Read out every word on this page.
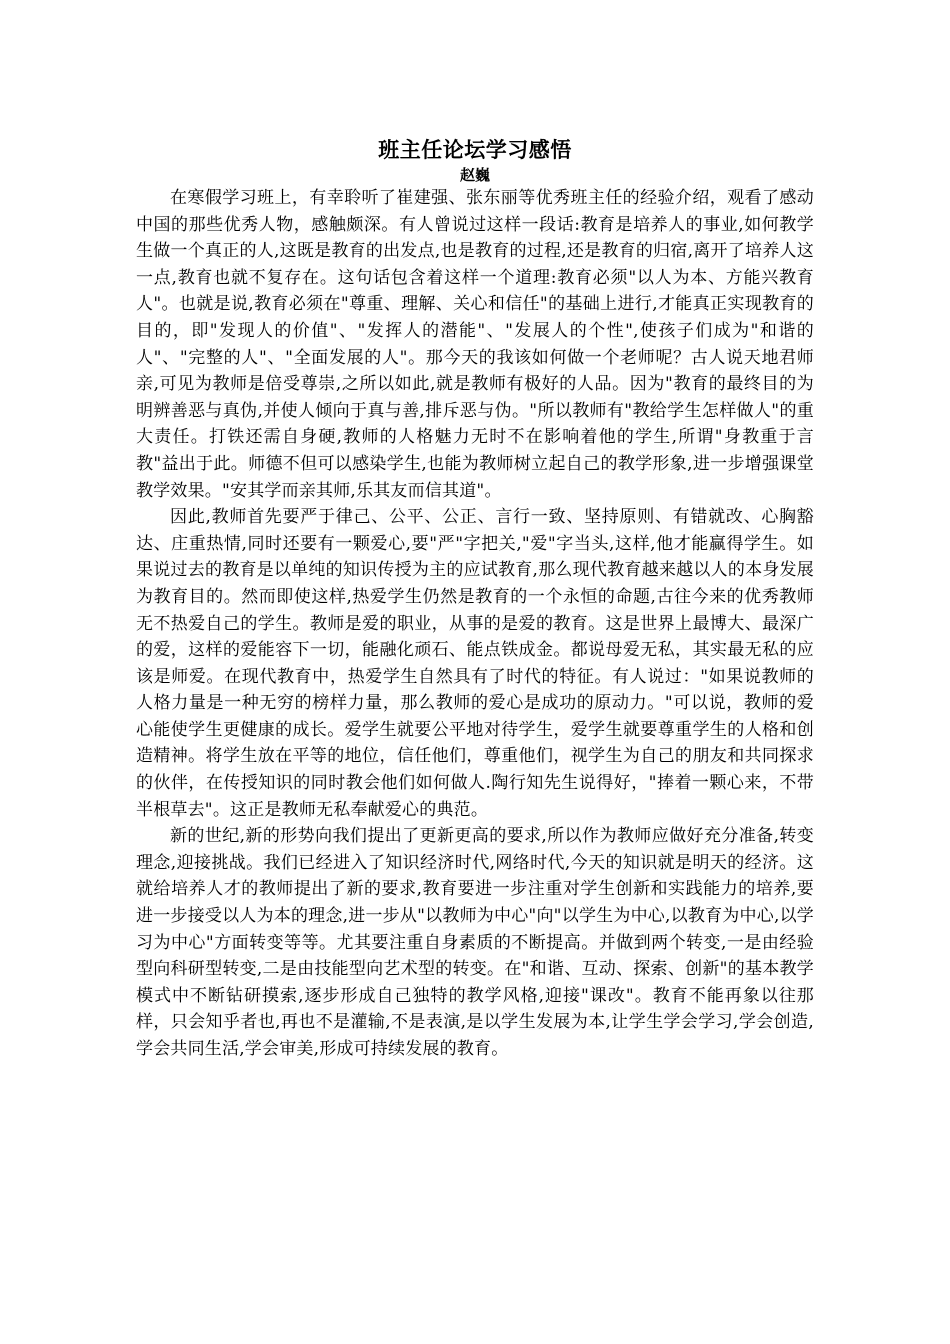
班主任论坛学习感悟
赵巍

在寒假学习班上，有幸聆听了崔建强、张东丽等优秀班主任的经验介绍，观看了感动中国的那些优秀人物，感触颇深。有人曾说过这样一段话:教育是培养人的事业,如何教学生做一个真正的人,这既是教育的出发点,也是教育的过程,还是教育的归宿,离开了培养人这一点,教育也就不复存在。这句话包含着这样一个道理:教育必须"以人为本、方能兴教育人"。也就是说,教育必须在"尊重、理解、关心和信任"的基础上进行,才能真正实现教育的目的，即"发现人的价值"、"发挥人的潜能"、"发展人的个性",使孩子们成为"和谐的人"、"完整的人"、"全面发展的人"。那今天的我该如何做一个老师呢？古人说天地君师亲,可见为教师是倍受尊崇,之所以如此,就是教师有极好的人品。因为"教育的最终目的为明辨善恶与真伪,并使人倾向于真与善,排斥恶与伪。"所以教师有"教给学生怎样做人"的重大责任。打铁还需自身硬,教师的人格魅力无时不在影响着他的学生,所谓"身教重于言教"益出于此。师德不但可以感染学生,也能为教师树立起自己的教学形象,进一步增强课堂教学效果。"安其学而亲其师,乐其友而信其道"。

因此,教师首先要严于律己、公平、公正、言行一致、坚持原则、有错就改、心胸豁达、庄重热情,同时还要有一颗爱心,要"严"字把关,"爱"字当头,这样,他才能赢得学生。如果说过去的教育是以单纯的知识传授为主的应试教育,那么现代教育越来越以人的本身发展为教育目的。然而即使这样,热爱学生仍然是教育的一个永恒的命题,古往今来的优秀教师无不热爱自己的学生。教师是爱的职业，从事的是爱的教育。这是世界上最博大、最深广的爱，这样的爱能容下一切，能融化顽石、能点铁成金。都说母爱无私，其实最无私的应该是师爱。在现代教育中，热爱学生自然具有了时代的特征。有人说过："如果说教师的人格力量是一种无穷的榜样力量，那么教师的爱心是成功的原动力。"可以说，教师的爱心能使学生更健康的成长。爱学生就要公平地对待学生，爱学生就要尊重学生的人格和创造精神。将学生放在平等的地位，信任他们，尊重他们，视学生为自己的朋友和共同探求的伙伴，在传授知识的同时教会他们如何做人.陶行知先生说得好，"捧着一颗心来，不带半根草去"。这正是教师无私奉献爱心的典范。

新的世纪,新的形势向我们提出了更新更高的要求,所以作为教师应做好充分准备,转变理念,迎接挑战。我们已经进入了知识经济时代,网络时代,今天的知识就是明天的经济。这就给培养人才的教师提出了新的要求,教育要进一步注重对学生创新和实践能力的培养,要进一步接受以人为本的理念,进一步从"以教师为中心"向"以学生为中心,以教育为中心,以学习为中心"方面转变等等。尤其要注重自身素质的不断提高。并做到两个转变,一是由经验型向科研型转变,二是由技能型向艺术型的转变。在"和谐、互动、探索、创新"的基本教学模式中不断钻研摸索,逐步形成自己独特的教学风格,迎接"课改"。教育不能再象以往那样，只会知乎者也,再也不是灌输,不是表演,是以学生发展为本,让学生学会学习,学会创造,学会共同生活,学会审美,形成可持续发展的教育。
